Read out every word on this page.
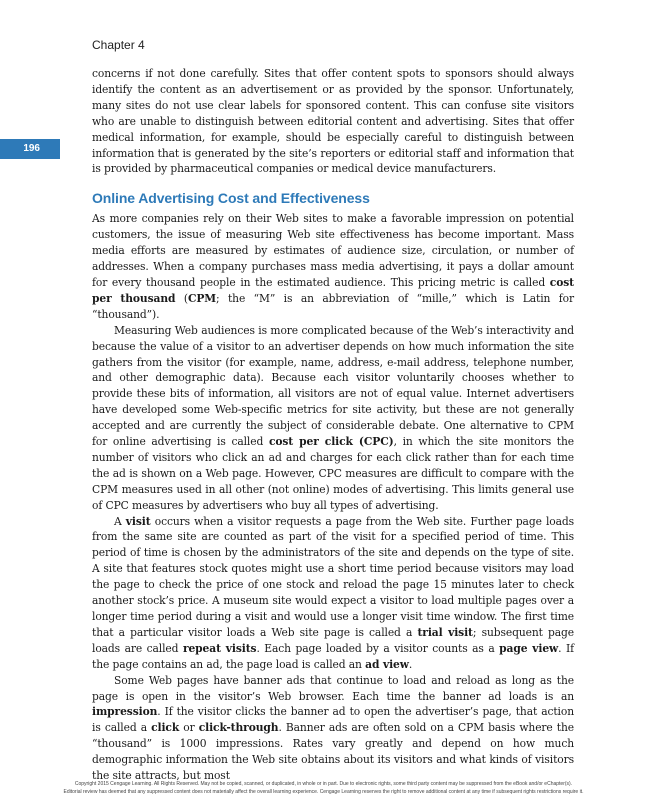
Chapter 4
196

concerns if not done carefully. Sites that offer content spots to sponsors should always identify the content as an advertisement or as provided by the sponsor. Unfortunately, many sites do not use clear labels for sponsored content. This can confuse site visitors who are unable to distinguish between editorial content and advertising. Sites that offer medical information, for example, should be especially careful to distinguish between information that is generated by the site’s reporters or editorial staff and information that is provided by pharmaceutical companies or medical device manufacturers.

Online Advertising Cost and Effectiveness

As more companies rely on their Web sites to make a favorable impression on potential customers, the issue of measuring Web site effectiveness has become important. Mass media efforts are measured by estimates of audience size, circulation, or number of addresses. When a company purchases mass media advertising, it pays a dollar amount for every thousand people in the estimated audience. This pricing metric is called cost per thousand (CPM; the “M” is an abbreviation of “mille,” which is Latin for “thousand”).

Measuring Web audiences is more complicated because of the Web’s interactivity and because the value of a visitor to an advertiser depends on how much information the site gathers from the visitor (for example, name, address, e-mail address, telephone number, and other demographic data). Because each visitor voluntarily chooses whether to provide these bits of information, all visitors are not of equal value. Internet advertisers have developed some Web-specific metrics for site activity, but these are not generally accepted and are currently the subject of considerable debate. One alternative to CPM for online advertising is called cost per click (CPC), in which the site monitors the number of visitors who click an ad and charges for each click rather than for each time the ad is shown on a Web page. However, CPC measures are difficult to compare with the CPM measures used in all other (not online) modes of advertising. This limits general use of CPC measures by advertisers who buy all types of advertising.

A visit occurs when a visitor requests a page from the Web site. Further page loads from the same site are counted as part of the visit for a specified period of time. This period of time is chosen by the administrators of the site and depends on the type of site. A site that features stock quotes might use a short time period because visitors may load the page to check the price of one stock and reload the page 15 minutes later to check another stock’s price. A museum site would expect a visitor to load multiple pages over a longer time period during a visit and would use a longer visit time window. The first time that a particular visitor loads a Web site page is called a trial visit; subsequent page loads are called repeat visits. Each page loaded by a visitor counts as a page view. If the page contains an ad, the page load is called an ad view.

Some Web pages have banner ads that continue to load and reload as long as the page is open in the visitor’s Web browser. Each time the banner ad loads is an impression. If the visitor clicks the banner ad to open the advertiser’s page, that action is called a click or click-through. Banner ads are often sold on a CPM basis where the “thousand” is 1000 impressions. Rates vary greatly and depend on how much demographic information the Web site obtains about its visitors and what kinds of visitors the site attracts, but most

Copyright 2015 Cengage Learning. All Rights Reserved. May not be copied, scanned, or duplicated, in whole or in part. Due to electronic rights, some third party content may be suppressed from the eBook and/or eChapter(s).
Editorial review has deemed that any suppressed content does not materially affect the overall learning experience. Cengage Learning reserves the right to remove additional content at any time if subsequent rights restrictions require it.
